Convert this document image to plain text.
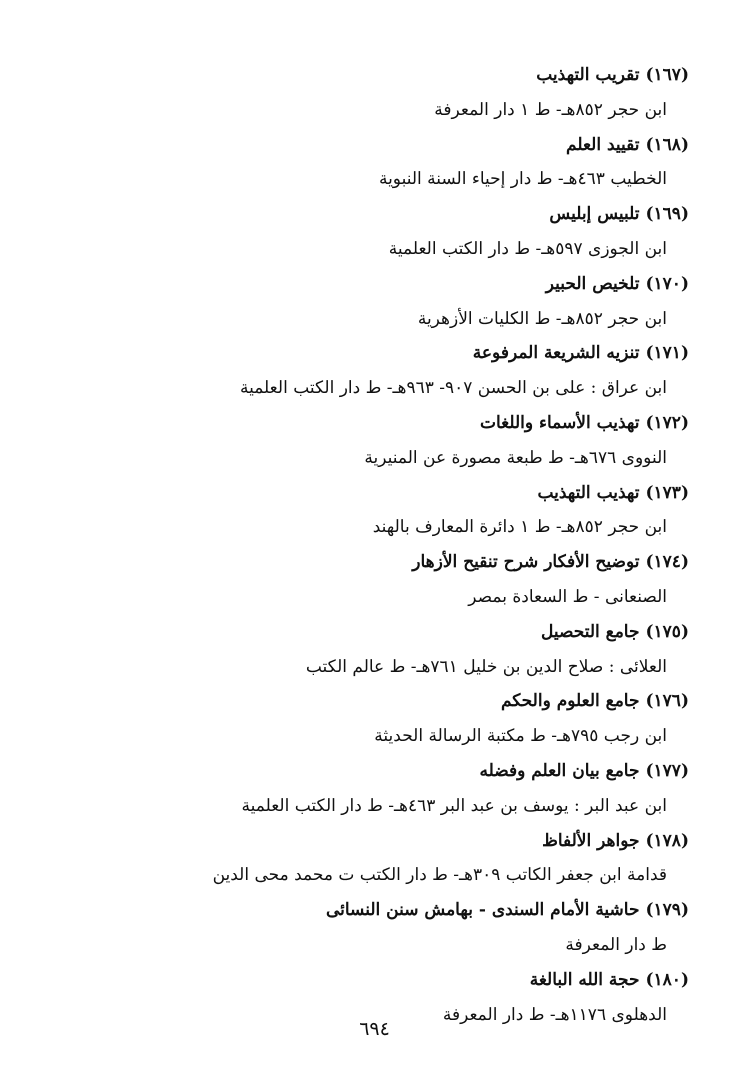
(١٦٧)تقريب التهذيب
ابن حجر ٨٥٢هـ- ط ١ دار المعرفة
(١٦٨)تقييد العلم
الخطيب ٤٦٣هـ- ط دار إحياء السنة النبوية
(١٦٩)تلبيس إبليس
ابن الجوزى ٥٩٧هـ- ط دار الكتب العلمية
(١٧٠)تلخيص الحبير
ابن حجر ٨٥٢هـ- ط الكليات الأزهرية
(١٧١)تنزيه الشريعة المرفوعة
ابن عراق : على بن الحسن ٩٠٧- ٩٦٣هـ- ط دار الكتب العلمية
(١٧٢)تهذيب الأسماء واللغات
النووى ٦٧٦هـ- ط طبعة مصورة عن المنيرية
(١٧٣)تهذيب التهذيب
ابن حجر ٨٥٢هـ- ط ١ دائرة المعارف بالهند
(١٧٤)توضيح الأفكار شرح تنقيح الأزهار
الصنعانى - ط السعادة بمصر
(١٧٥)جامع التحصيل
العلائى : صلاح الدين بن خليل ٧٦١هـ- ط عالم الكتب
(١٧٦)جامع العلوم والحكم
ابن رجب ٧٩٥هـ- ط مكتبة الرسالة الحديثة
(١٧٧)جامع بيان العلم وفضله
ابن عبد البر : يوسف بن عبد البر ٤٦٣هـ- ط دار الكتب العلمية
(١٧٨)جواهر الألفاظ
قدامة ابن جعفر الكاتب ٣٠٩هـ- ط دار الكتب ت محمد محى الدين
(١٧٩)حاشية الأمام السندى - بهامش سنن النسائى
ط دار المعرفة
(١٨٠)حجة الله البالغة
الدهلوى ١١٧٦هـ- ط دار المعرفة
٦٩٤
